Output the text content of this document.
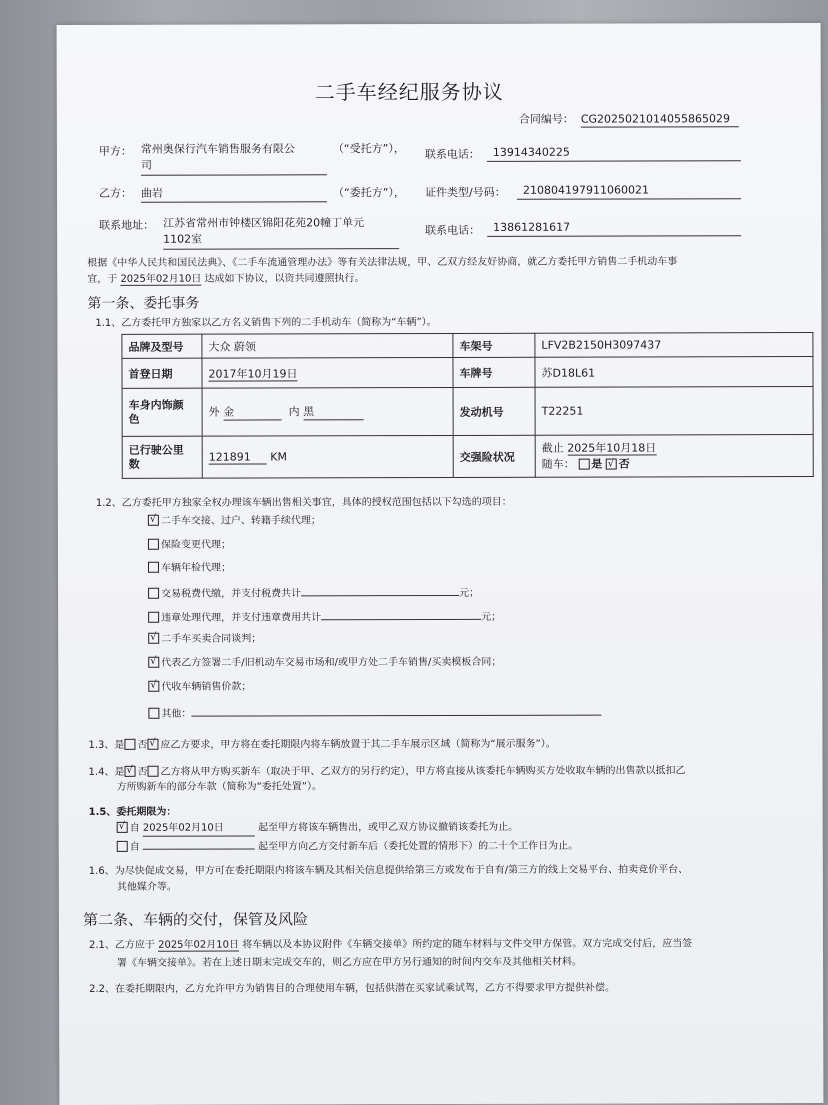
二手车经纪服务协议
合同编号： CG2025021014055865029
甲方： 常州奥保行汽车销售服务有限公
司
（“受托方”）， 联系电话： 13914340225
乙方： 曲岩	（“委托方”）， 证件类型/号码： 210804197911060021
联系地址： 江苏省常州市钟楼区锦阳花苑20幢丁单元
1102室
联系电话： 13861281617
根据《中华人民共和国民法典》、《二手车流通管理办法》等有关法律法规，甲、乙双方经友好协商，就乙方委托甲方销售二手机动车事
宜，于 2025年02月10日 达成如下协议，以资共同遵照执行。
第一条、委托事务
1.1、乙方委托甲方独家以乙方名义销售下列的二手机动车（简称为“车辆”）。
品牌及型号	大众 蔚领	车架号	LFV2B2150H3097437
首登日期	2017年10月19日	车牌号	苏D18L61
车身内饰颜
色	外 金 内 黑	发动机号	T22251
已行驶公里
数	121891 KM	交强险状况	截止 2025年10月18日
随车： 是 √ 否
1.2、乙方委托甲方独家全权办理该车辆出售相关事宜，具体的授权范围包括以下勾选的项目：
√二手车交接、过户、转籍手续代理；
保险变更代理；
车辆年检代理；
交易税费代缴，并支付税费共计	元；
违章处理代理，并支付违章费用共计	元；
√二手车买卖合同谈判；
√代表乙方签署二手/旧机动车交易市场和/或甲方处二手车销售/买卖模板合同；
√代收车辆销售价款；
其他：
1.3、是 否 √ 应乙方要求，甲方将在委托期限内将车辆放置于其二手车展示区域（简称为“展示服务”）。
1.4、是 √ 否 乙方将从甲方购买新车（取决于甲、乙双方的另行约定），甲方将直接从该委托车辆购买方处收取车辆的出售款以抵扣乙
方所购新车的部分车款（简称为“委托处置”）。
1.5、委托期限为：
√自 2025年02月10日	起至甲方将该车辆售出，或甲乙双方协议撤销该委托为止。
自	起至甲方向乙方交付新车后（委托处置的情形下）的二十个工作日为止。
1.6、为尽快促成交易，甲方可在委托期限内将该车辆及其相关信息提供给第三方或发布于自有/第三方的线上交易平台、拍卖竞价平台、
其他媒介等。
第二条、车辆的交付，保管及风险
2.1、乙方应于 2025年02月10日 将车辆以及本协议附件《车辆交接单》所约定的随车材料与文件交甲方保管。双方完成交付后，应当签
署《车辆交接单》。若在上述日期末完成交车的，则乙方应在甲方另行通知的时间内交车及其他相关材料。
2.2、在委托期限内，乙方允许甲方为销售目的合理使用车辆，包括供潜在买家试乘试驾，乙方不得要求甲方提供补偿。
